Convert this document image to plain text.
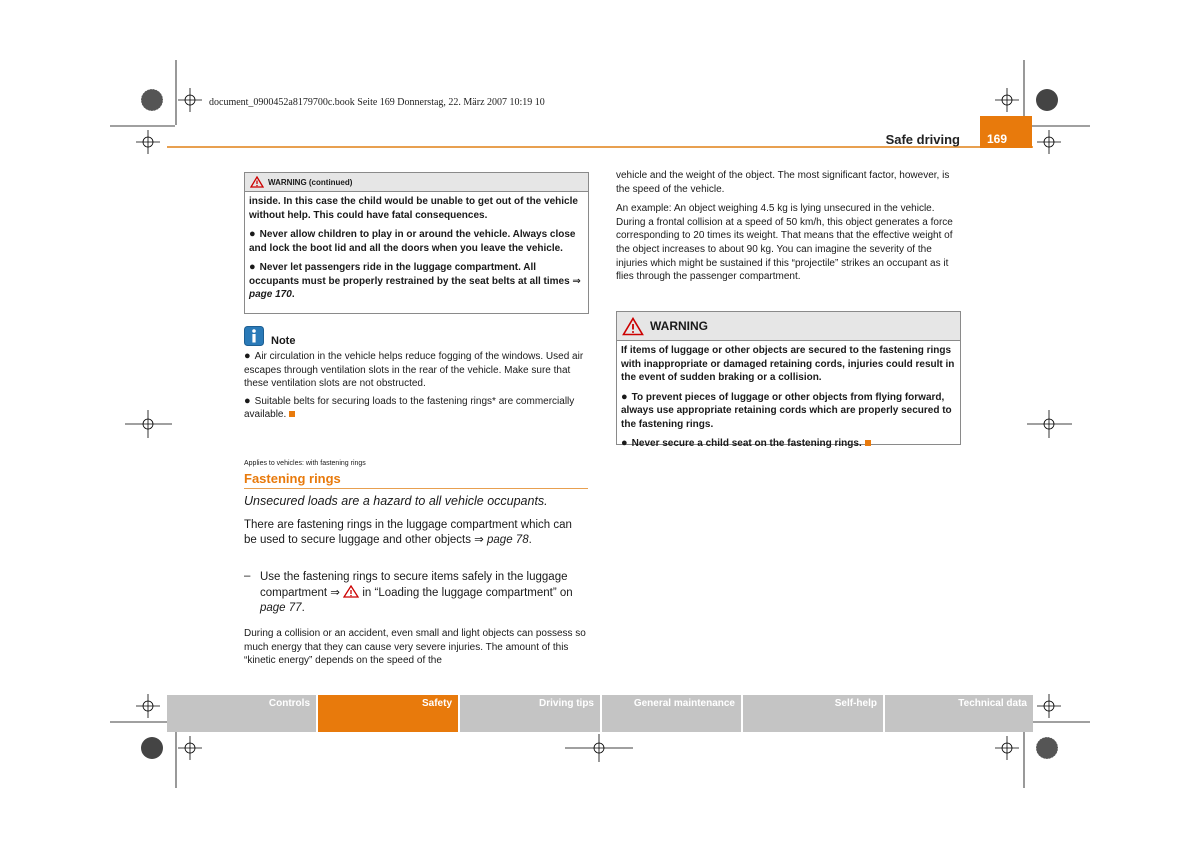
document_0900452a8179700c.book Seite 169 Donnerstag, 22. März 2007 10:19 10
Safe driving	169
WARNING (continued)

inside. In this case the child would be unable to get out of the vehicle without help. This could have fatal consequences.

● Never allow children to play in or around the vehicle. Always close and lock the boot lid and all the doors when you leave the vehicle.

● Never let passengers ride in the luggage compartment. All occupants must be properly restrained by the seat belts at all times ⇒ page 170.

Note

● Air circulation in the vehicle helps reduce fogging of the windows. Used air escapes through ventilation slots in the rear of the vehicle. Make sure that these ventilation slots are not obstructed.

● Suitable belts for securing loads to the fastening rings* are commercially available.

Applies to vehicles: with fastening rings
Fastening rings
Unsecured loads are a hazard to all vehicle occupants.
There are fastening rings in the luggage compartment which can be used to secure luggage and other objects ⇒ page 78.
– Use the fastening rings to secure items safely in the luggage compartment ⇒ in “Loading the luggage compartment” on page 77.
During a collision or an accident, even small and light objects can possess so much energy that they can cause very severe injuries. The amount of this “kinetic energy” depends on the speed of the

vehicle and the weight of the object. The most significant factor, however, is the speed of the vehicle.

An example: An object weighing 4.5 kg is lying unsecured in the vehicle. During a frontal collision at a speed of 50 km/h, this object generates a force corresponding to 20 times its weight. That means that the effective weight of the object increases to about 90 kg. You can imagine the severity of the injuries which might be sustained if this “projectile” strikes an occupant as it flies through the passenger compartment.

WARNING

If items of luggage or other objects are secured to the fastening rings with inappropriate or damaged retaining cords, injuries could result in the event of sudden braking or a collision.

● To prevent pieces of luggage or other objects from flying forward, always use appropriate retaining cords which are properly secured to the fastening rings.

● Never secure a child seat on the fastening rings.

Controls	Safety	Driving tips	General maintenance	Self-help	Technical data
